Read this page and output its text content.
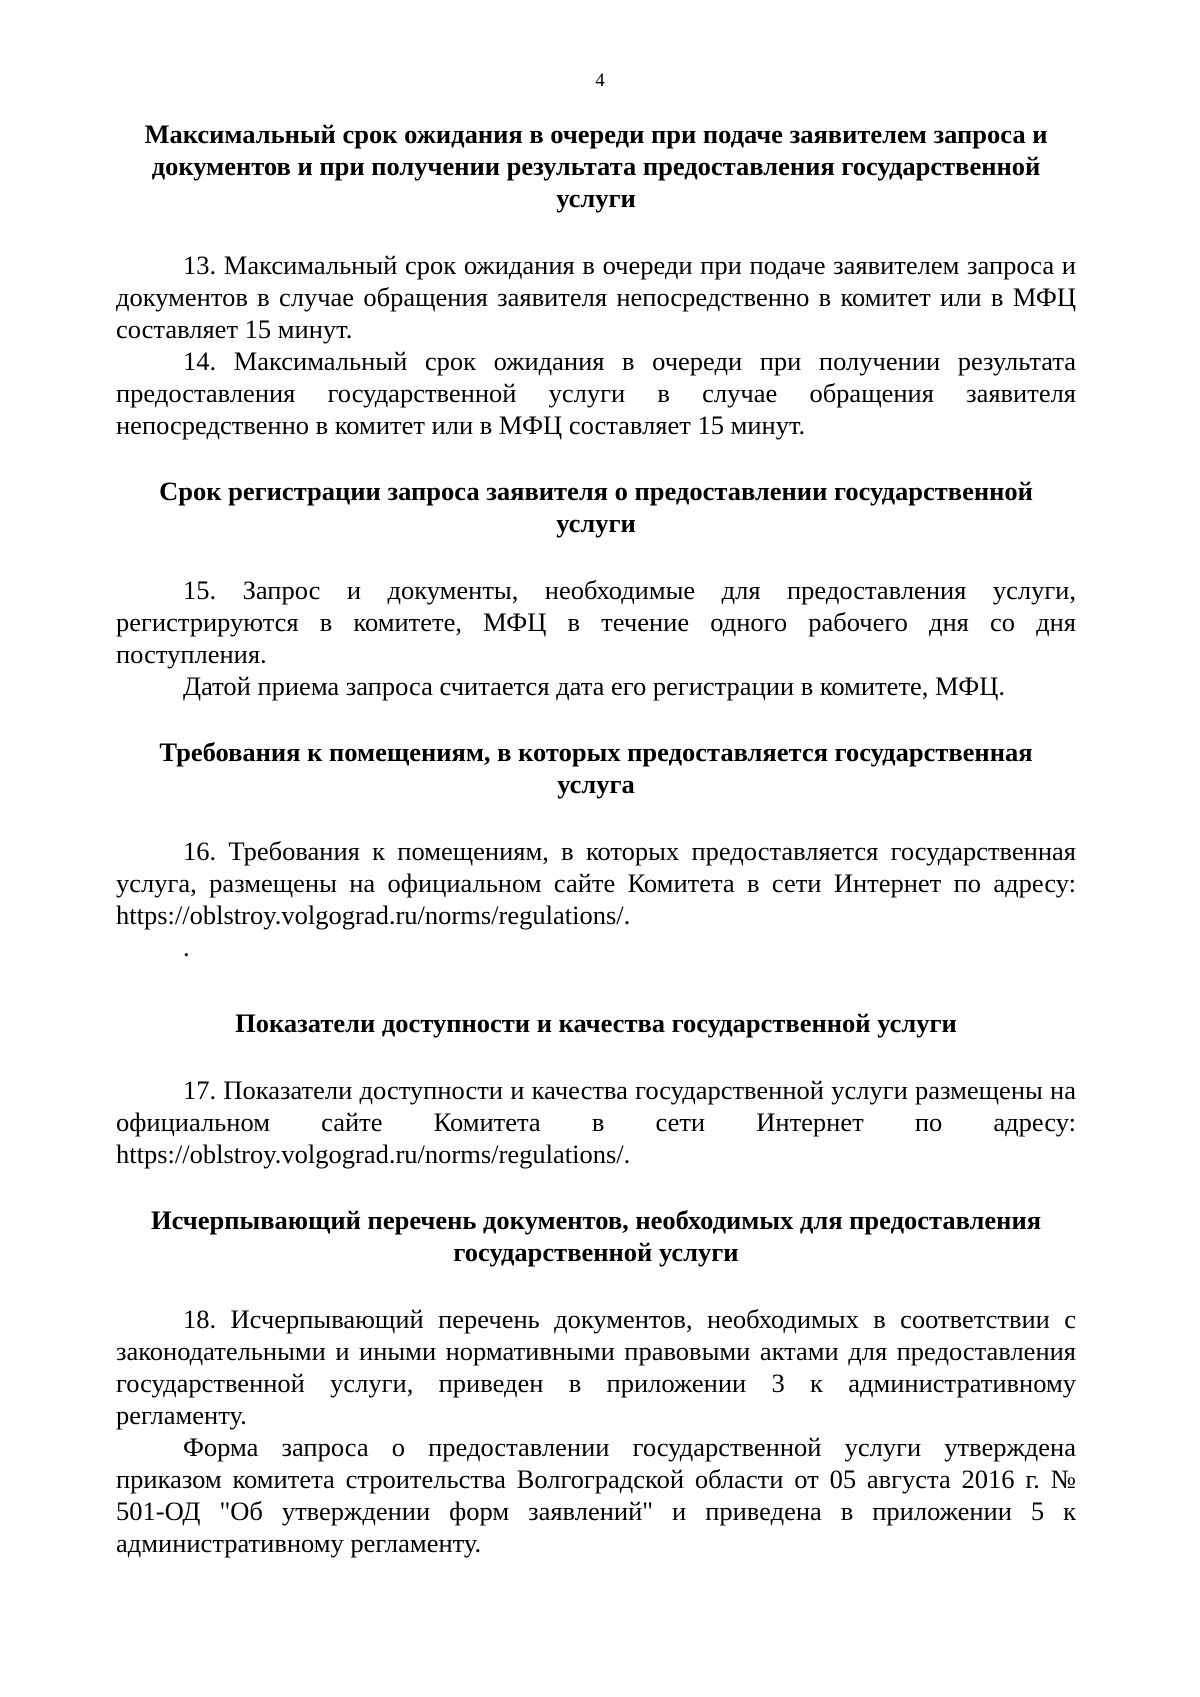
4
Максимальный срок ожидания в очереди при подаче заявителем запроса и документов и при получении результата предоставления государственной услуги

13. Максимальный срок ожидания в очереди при подаче заявителем запроса и документов в случае обращения заявителя непосредственно в комитет или в МФЦ составляет 15 минут.

14. Максимальный срок ожидания в очереди при получении результата предоставления государственной услуги в случае обращения заявителя непосредственно в комитет или в МФЦ составляет 15 минут.

Срок регистрации запроса заявителя о предоставлении государственной услуги

15. Запрос и документы, необходимые для предоставления услуги, регистрируются в комитете, МФЦ в течение одного рабочего дня со дня поступления.

Датой приема запроса считается дата его регистрации в комитете, МФЦ.

Требования к помещениям, в которых предоставляется государственная услуга

16. Требования к помещениям, в которых предоставляется государственная услуга, размещены на официальном сайте Комитета в сети Интернет по адресу: https://oblstroy.volgograd.ru/norms/regulations/.

.
Показатели доступности и качества государственной услуги

17. Показатели доступности и качества государственной услуги размещены на официальном сайте Комитета в сети Интернет по адресу: https://oblstroy.volgograd.ru/norms/regulations/.

Исчерпывающий перечень документов, необходимых для предоставления государственной услуги

18. Исчерпывающий перечень документов, необходимых в соответствии с законодательными и иными нормативными правовыми актами для предоставления государственной услуги, приведен в приложении 3 к административному регламенту.

Форма запроса о предоставлении государственной услуги утверждена приказом комитета строительства Волгоградской области от 05 августа 2016 г. № 501-ОД "Об утверждении форм заявлений" и приведена в приложении 5 к административному регламенту.
